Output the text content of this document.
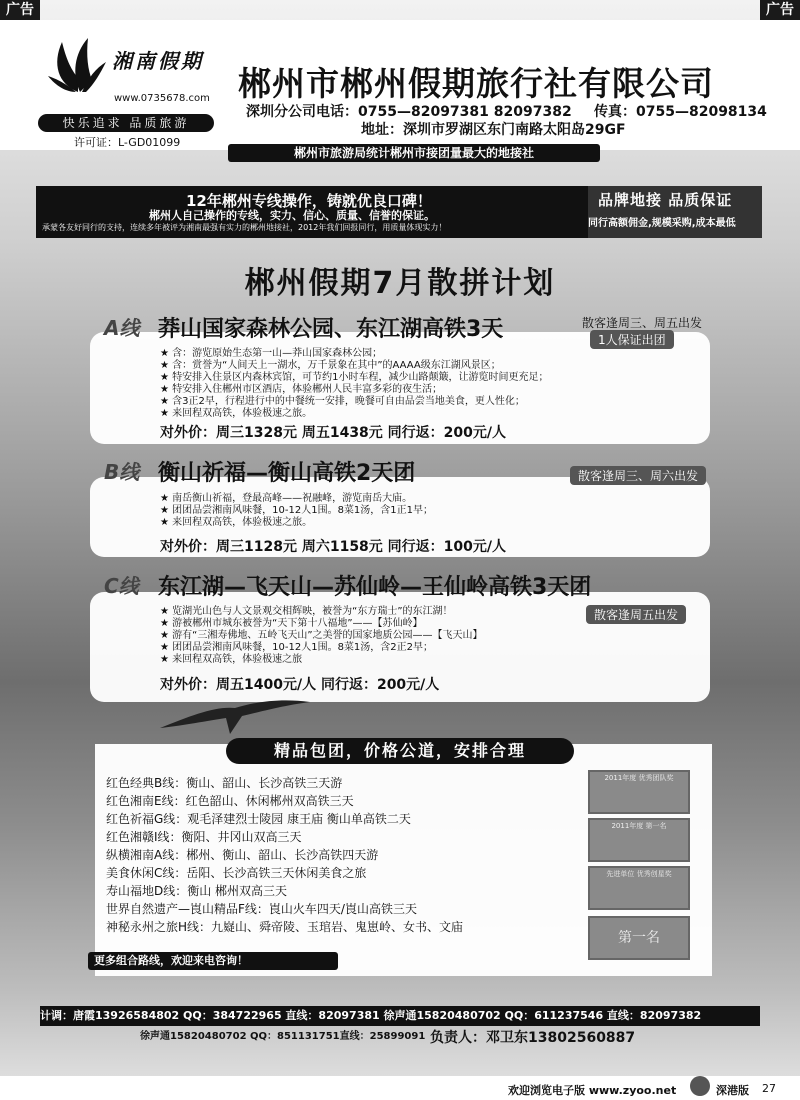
广告	广告
湘南假期
www.0735678.com
快乐追求 品质旅游
许可证：L-GD01099
郴州市郴州假期旅行社有限公司
深圳分公司电话：0755—82097381 82097382 传真：0755—82098134
地址：深圳市罗湖区东门南路太阳岛29GF
郴州市旅游局统计郴州市接团量最大的地接社
12年郴州专线操作，铸就优良口碑！
郴州人自己操作的专线，实力、信心、质量、信誉的保证。
承蒙各友好同行的支持，连续多年被评为湘南最强有实力的郴州地接社，2012年我们回报同行，用质量体现实力！
品牌地接 品质保证
同行高额佣金,规模采购,成本最低
郴州假期7月散拼计划
A线 莽山国家森林公园、东江湖高铁3天	散客逢周三、周五出发
1人保证出团
★ 含：游览原始生态第一山—莽山国家森林公园；
★ 含：赏誉为“人间天上一湖水，万千景象在其中”的AAAA级东江湖风景区；
★ 特安排入住景区内森林宾馆，可节约1小时车程，减少山路颠簸，让游览时间更充足；
★ 特安排入住郴州市区酒店，体验郴州人民丰富多彩的夜生活；
★ 含3正2早，行程进行中的中餐统一安排，晚餐可自由品尝当地美食，更人性化；
★ 来回程双高铁，体验极速之旅。
对外价：周三1328元 周五1438元 同行返：200元/人
B线 衡山祈福—衡山高铁2天团	散客逢周三、周六出发
★ 南岳衡山祈福，登最高峰——祝融峰，游览南岳大庙。
★ 团团品尝湘南风味餐，10-12人1围。8菜1汤，含1正1早；
★ 来回程双高铁，体验极速之旅。
对外价：周三1128元 周六1158元 同行返：100元/人
C线 东江湖—飞天山—苏仙岭—王仙岭高铁3天团
散客逢周五出发
★ 览湖光山色与人文景观交相辉映，被誉为“东方瑞士”的东江湖！
★ 游被郴州市城东被誉为“天下第十八福地”——【苏仙岭】
★ 游有“三湘寿佛地、五岭飞天山”之美誉的国家地质公园——【飞天山】
★ 团团品尝湘南风味餐，10-12人1围。8菜1汤，含2正2早；
★ 来回程双高铁，体验极速之旅
对外价：周五1400元/人 同行返：200元/人
精品包团，价格公道，安排合理
红色经典B线：衡山、韶山、长沙高铁三天游
红色湘南E线：红色韶山、休闲郴州双高铁三天
红色祈福G线：观毛泽建烈士陵园 康王庙 衡山单高铁二天
红色湘赣I线：衡阳、井冈山双高三天
纵横湘南A线：郴州、衡山、韶山、长沙高铁四天游
美食休闲C线：岳阳、长沙高铁三天休闲美食之旅
寿山福地D线：衡山 郴州双高三天
世界自然遗产—崀山精品F线：崀山火车四天/崀山高铁三天
神秘永州之旅H线：九嶷山、舜帝陵、玉琯岩、鬼崽岭、女书、文庙
2011年度 优秀团队奖
2011年度 第一名
先进单位 优秀创星奖
第一名
更多组合路线，欢迎来电咨询！
计调：唐霞13926584802 QQ：384722965 直线：82097381 徐声通15820480702 QQ：611237546 直线：82097382
徐声通15820480702 QQ：851131751直线：25899091 负责人：邓卫东13802560887
欢迎浏览电子版 www.zyoo.net	深港版 27
